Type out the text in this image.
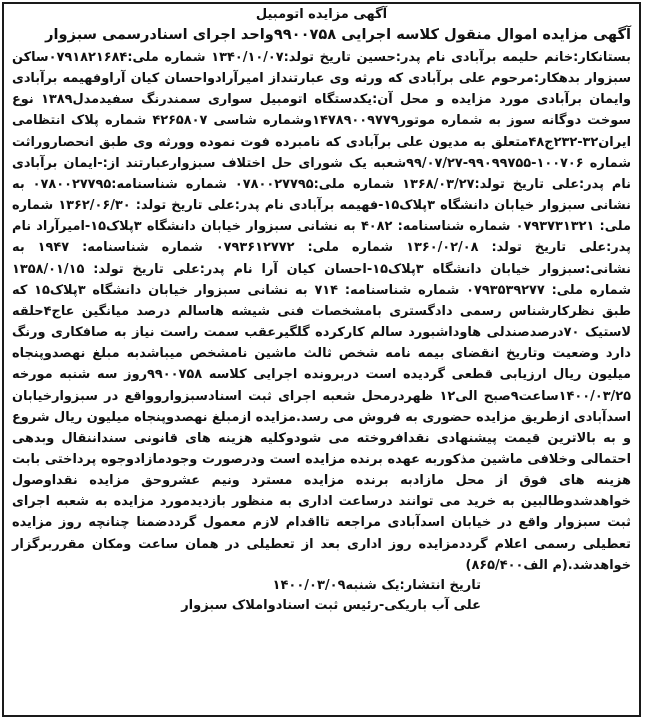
آگهی مزایده اتومبیل

آگهی مزایده اموال منقول کلاسه اجرایی ۹۹۰۰۷۵۸واحد اجرای اسنادرسمی سبزوار

بستانکار:خانم حلیمه برآبادی نام پدر:حسین تاریخ تولد:۱۳۴۰/۱۰/۰۷ شماره ملی:۰۷۹۱۸۲۱۶۸۴ساکن سبزوار بدهکار:مرحوم علی برآبادی که ورثه وی عبارتنداز امیرآرادواحسان کیان آراوفهیمه برآبادی وایمان برآبادی مورد مزایده و محل آن:یکدستگاه اتومبیل سواری سمندرنگ سفیدمدل۱۳۸۹ نوع سوخت دوگانه سوز به شماره موتور۱۴۷۸۹۰۰۹۷۷۹وشماره شاسی ۴۲۶۵۸۰۷ شماره پلاک انتظامی ایران۳۲-۲۳۲ج۴۸متعلق به مدیون علی برآبادی که نامبرده فوت نموده وورثه وی طبق انحصاروراثت شماره ۱۰۰۷۰۶-۹۹۰۹۹۷۵۵-۹۹/۰۷/۲۷شعبه یک شورای حل اختلاف سبزوارعبارتند از:-ایمان برآبادی نام پدر:علی تاریخ تولد:۱۳۶۸/۰۳/۲۷ شماره ملی:۰۷۸۰۰۲۷۷۹۵ شماره شناسنامه:۰۷۸۰۰۲۷۷۹۵ به نشانی سبزوار خیابان دانشگاه ۳پلاک۱۵-فهیمه برآبادی نام پدر:علی تاریخ تولد: ۱۳۶۲/۰۶/۳۰ شماره ملی: ۰۷۹۳۷۳۱۳۲۱ شماره شناسنامه: ۴۰۸۲ به نشانی سبزوار خیابان دانشگاه ۳پلاک۱۵-امیرآراد نام پدر:علی تاریخ تولد: ۱۳۶۰/۰۲/۰۸ شماره ملی: ۰۷۹۳۶۱۲۷۷۲ شماره شناسنامه: ۱۹۴۷ به نشانی:سبزوار خیابان دانشگاه ۳پلاک۱۵-احسان کیان آرا نام پدر:علی تاریخ تولد: ۱۳۵۸/۰۱/۱۵ شماره ملی: ۰۷۹۳۵۳۹۲۷۷ شماره شناسنامه: ۷۱۴ به نشانی سبزوار خیابان دانشگاه ۳پلاک۱۵ که طبق نظرکارشناس رسمی دادگستری بامشخصات فنی شیشه هاسالم درصد میانگین عاج۴حلقه لاستیک ۷۰درصدصندلی هاوداشبورد سالم کارکرده گلگیرعقب سمت راست نیاز به صافکاری ورنگ دارد وضعیت وتاریخ انقضای بیمه نامه شخص ثالث ماشین نامشخص میباشدبه مبلغ نهصدوپنجاه میلیون ریال ارزیابی قطعی گردیده است دربرونده اجرایی کلاسه ۹۹۰۰۷۵۸روز سه شنبه مورخه ۱۴۰۰/۰۳/۲۵ساعت۹صبح الی۱۲ ظهردرمحل شعبه اجرای ثبت اسنادسبزواروواقع در سبزوارخیابان اسدآبادی ازطریق مزایده حضوری به فروش می رسد.مزایده ازمبلغ نهصدوپنجاه میلیون ریال شروع و به بالاترین قیمت پیشنهادی نقدافروخته می شودوکلیه هزینه های قانونی سنداننقال وبدهی احتمالی وخلافی ماشین مذکوربه عهده برنده مزایده است ودرصورت وجودمازادوجوه پرداختی بابت هزینه های فوق از محل مازادبه برنده مزایده مسترد ونیم عشروحق مزایده نقداوصول خواهدشدوطالبین به خرید می توانند درساعت اداری به منظور بازدیدمورد مزایده به شعبه اجرای ثبت سبزوار واقع در خیابان اسدآبادی مراجعه تااقدام لازم معمول گرددضمنا چنانچه روز مزایده تعطیلی رسمی اعلام گرددمزایده روز اداری بعد از تعطیلی در همان ساعت ومکان مقرربرگزار خواهدشد.(م الف۸۶۵/۴۰۰)

تاریخ انتشار:یک شنبه۱۴۰۰/۰۳/۰۹

علی آب باریکی-رئیس ثبت اسنادواملاک سبزوار
